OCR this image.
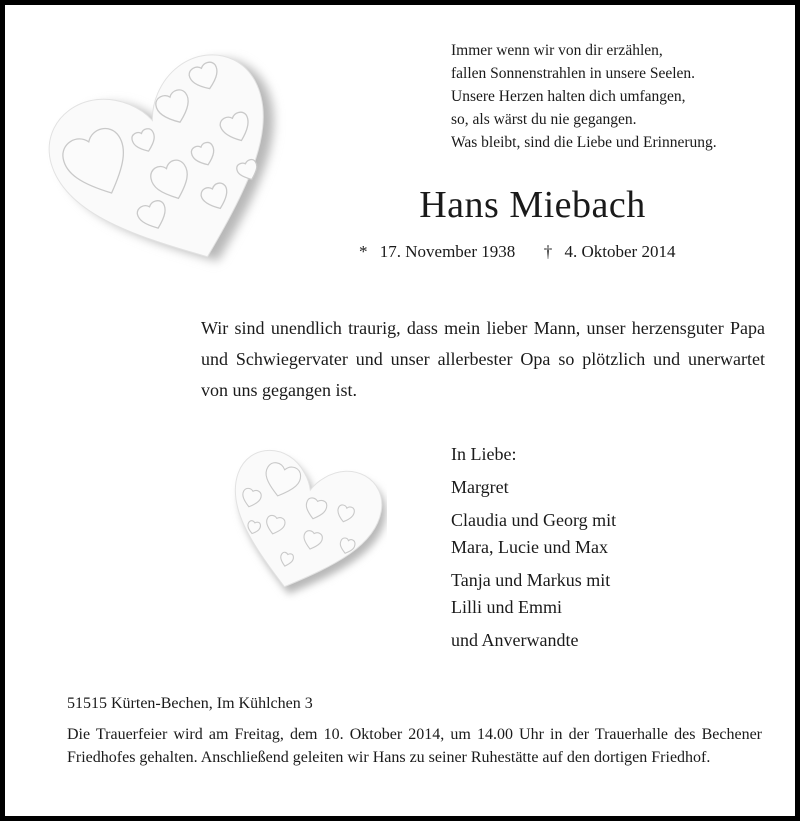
Immer wenn wir von dir erzählen,
fallen Sonnenstrahlen in unsere Seelen.
Unsere Herzen halten dich umfangen,
so, als wärst du nie gegangen.
Was bleibt, sind die Liebe und Erinnerung.
Hans Miebach
* 17. November 1938 † 4. Oktober 2014
Wir sind unendlich traurig, dass mein lieber Mann, unser herzensguter Papa und Schwiegervater und unser allerbester Opa so plötzlich und unerwartet von uns gegangen ist.
In Liebe:
Margret
Claudia und Georg mit
Mara, Lucie und Max
Tanja und Markus mit
Lilli und Emmi
und Anverwandte
51515 Kürten-Bechen, Im Kühlchen 3
Die Trauerfeier wird am Freitag, dem 10. Oktober 2014, um 14.00 Uhr in der Trauerhalle des Bechener Friedhofes gehalten. Anschließend geleiten wir Hans zu seiner Ruhestätte auf den dortigen Friedhof.
